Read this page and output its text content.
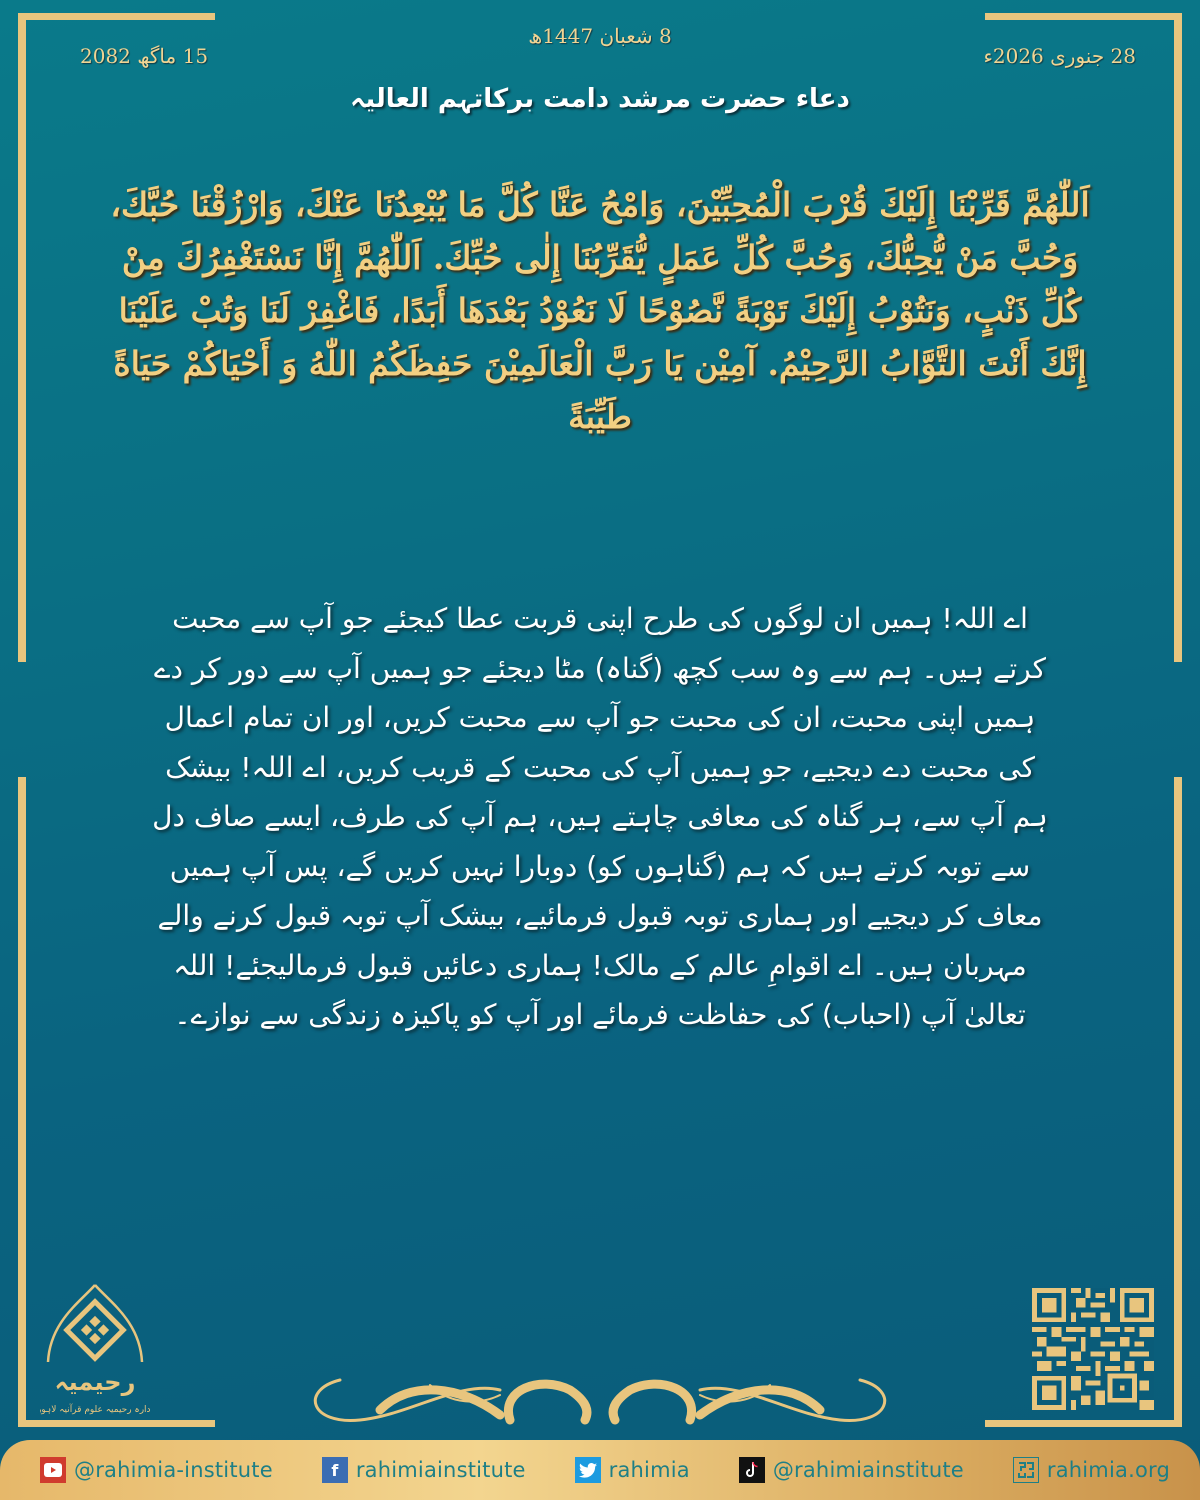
8 شعبان 1447ھ
28 جنوری 2026ء
15 ماگھ 2082
دعاء حضرت مرشد دامت برکاتہم العالیہ
اَللّٰھُمَّ قَرِّبْنَا إِلَيْكَ قُرْبَ الْمُحِبِّيْنَ، وَامْحُ عَنَّا كُلَّ مَا يُبْعِدُنَا عَنْكَ، وَارْزُقْنَا حُبَّكَ، وَحُبَّ مَنْ يُّحِبُّكَ، وَحُبَّ كُلِّ عَمَلٍ يُّقَرِّبُنَا إِلٰى حُبِّكَ. اَللّٰھُمَّ إِنَّا نَسْتَغْفِرُكَ مِنْ كُلِّ ذَنْبٍ، وَنَتُوْبُ إِلَيْكَ تَوْبَةً نَّصُوْحًا لَا نَعُوْدُ بَعْدَھَا أَبَدًا، فَاغْفِرْ لَنَا وَتُبْ عَلَيْنَا إِنَّكَ أَنْتَ التَّوَّابُ الرَّحِيْمُ. آمِيْن يَا رَبَّ الْعَالَمِيْنَ حَفِظَكُمُ اللّٰهُ وَ أَحْيَاكُمْ حَيَاةً طَيِّبَةً
اے اللہ! ہمیں ان لوگوں کی طرح اپنی قربت عطا کیجئے جو آپ سے محبت کرتے ہیں۔ ہم سے وہ سب کچھ (گناہ) مٹا دیجئے جو ہمیں آپ سے دور کر دے ہمیں اپنی محبت، ان کی محبت جو آپ سے محبت کریں، اور ان تمام اعمال کی محبت دے دیجیے، جو ہمیں آپ کی محبت کے قریب کریں، اے اللہ! بیشک ہم آپ سے، ہر گناہ کی معافی چاہتے ہیں، ہم آپ کی طرف، ایسے صاف دل سے توبہ کرتے ہیں کہ ہم (گناہوں کو) دوبارا نہیں کریں گے، پس آپ ہمیں معاف کر دیجیے اور ہماری توبہ قبول فرمائیے، بیشک آپ توبہ قبول کرنے والے مہربان ہیں۔ اے اقوامِ عالم کے مالک! ہماری دعائیں قبول فرمالیجئے! اللہ تعالیٰ آپ (احباب) کی حفاظت فرمائے اور آپ کو پاکیزہ زندگی سے نوازے۔
رحیمیہ
ادارہ رحیمیہ علوم قرآنیہ لاہور
@rahimia-institute	f rahimiainstitute	rahimia	@rahimiainstitute	rahimia.org
